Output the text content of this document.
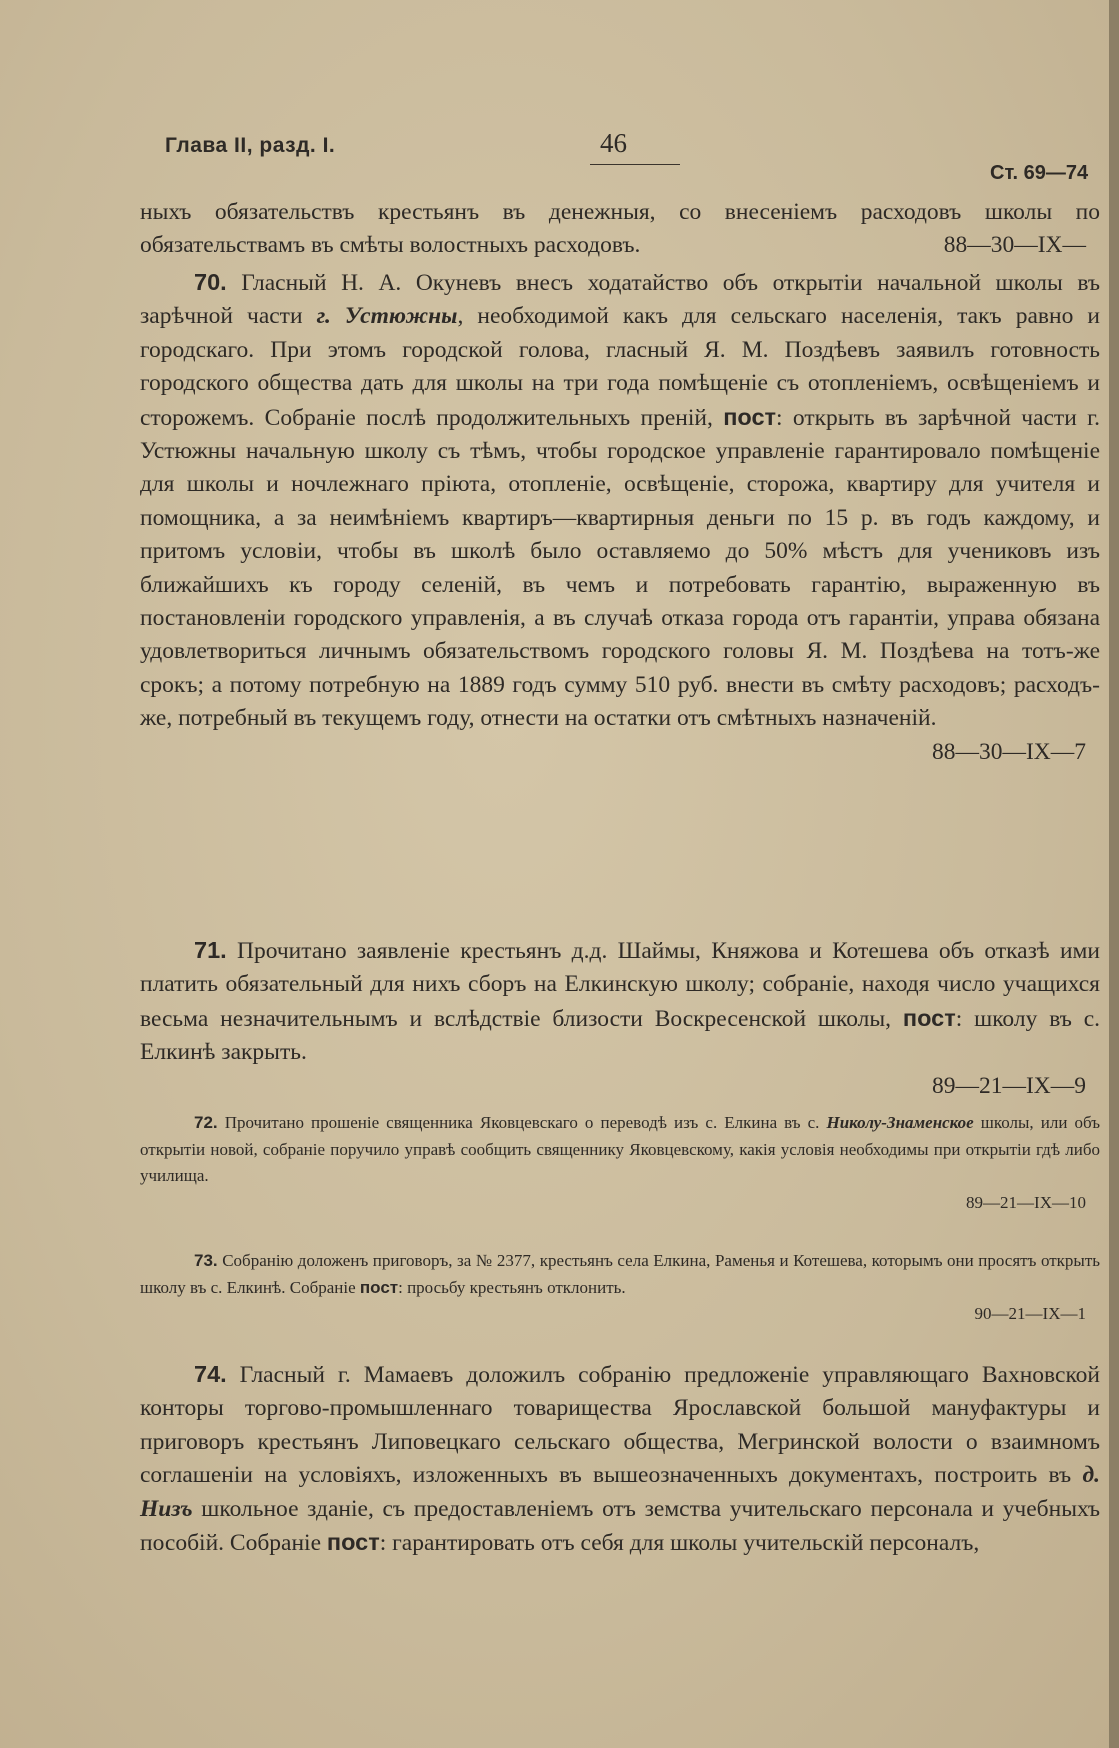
Глава II, разд. I.	46
Ст. 69—74
ныхъ обязательствъ крестьянъ въ денежныя, со внесеніемъ расходовъ школы по обязательствамъ въ смѣты волостныхъ расходовъ.	88—30—IX—
70. Гласный Н. А. Окуневъ внесъ ходатайство объ открытіи начальной школы въ зарѣчной части г. Устюжны, необходимой какъ для сельскаго населенія, такъ равно и городскаго. При этомъ городской голова, гласный Я. М. Поздѣевъ заявилъ готовность городского общества дать для школы на три года помѣщеніе съ отопленіемъ, освѣщеніемъ и сторожемъ. Собраніе послѣ продолжительныхъ преній, пост: открыть въ зарѣчной части г. Устюжны начальную школу съ тѣмъ, чтобы городское управленіе гарантировало помѣщеніе для школы и ночлежнаго пріюта, отопленіе, освѣщеніе, сторожа, квартиру для учителя и помощника, а за неимѣніемъ квартиръ—квартирныя деньги по 15 р. въ годъ каждому, и притомъ условіи, чтобы въ школѣ было оставляемо до 50% мѣстъ для учениковъ изъ ближайшихъ къ городу селеній, въ чемъ и потребовать гарантію, выраженную въ постановленіи городского управленія, а въ случаѣ отказа города отъ гарантіи, управа обязана удовлетвориться личнымъ обязательствомъ городского головы Я. М. Поздѣева на тотъ-же срокъ; а потому потребную на 1889 годъ сумму 510 руб. внести въ смѣту расходовъ; расходъ-же, потребный въ текущемъ году, отнести на остатки отъ смѣтныхъ назначеній.
88—30—IX—7
71. Прочитано заявленіе крестьянъ д.д. Шаймы, Княжова и Котешева объ отказѣ ими платить обязательный для нихъ сборъ на Елкинскую школу; собраніе, находя число учащихся весьма незначительнымъ и вслѣдствіе близости Воскресенской школы, пост: школу въ с. Елкинѣ закрыть.
89—21—IX—9
72. Прочитано прошеніе священника Яковцевскаго о переводѣ изъ с. Елкина въ с. Николу-Знаменское школы, или объ открытіи новой, собраніе поручило управѣ сообщить священнику Яковцевскому, какія условія необходимы при открытіи гдѣ либо училища.
89—21—IX—10
73. Собранію доложенъ приговоръ, за № 2377, крестьянъ села Елкина, Раменья и Котешева, которымъ они просятъ открыть школу въ с. Елкинѣ. Собраніе пост: просьбу крестьянъ отклонить.
90—21—IX—1
74. Гласный г. Мамаевъ доложилъ собранію предложеніе управляющаго Вахновской конторы торгово-промышленнаго товарищества Ярославской большой мануфактуры и приговоръ крестьянъ Липовецкаго сельскаго общества, Мегринской волости о взаимномъ соглашеніи на условіяхъ, изложенныхъ въ вышеозначенныхъ документахъ, построить въ д. Низъ школьное зданіе, съ предоставленіемъ отъ земства учительскаго персонала и учебныхъ пособій. Собраніе пост: гарантировать отъ себя для школы учительскій персоналъ,
